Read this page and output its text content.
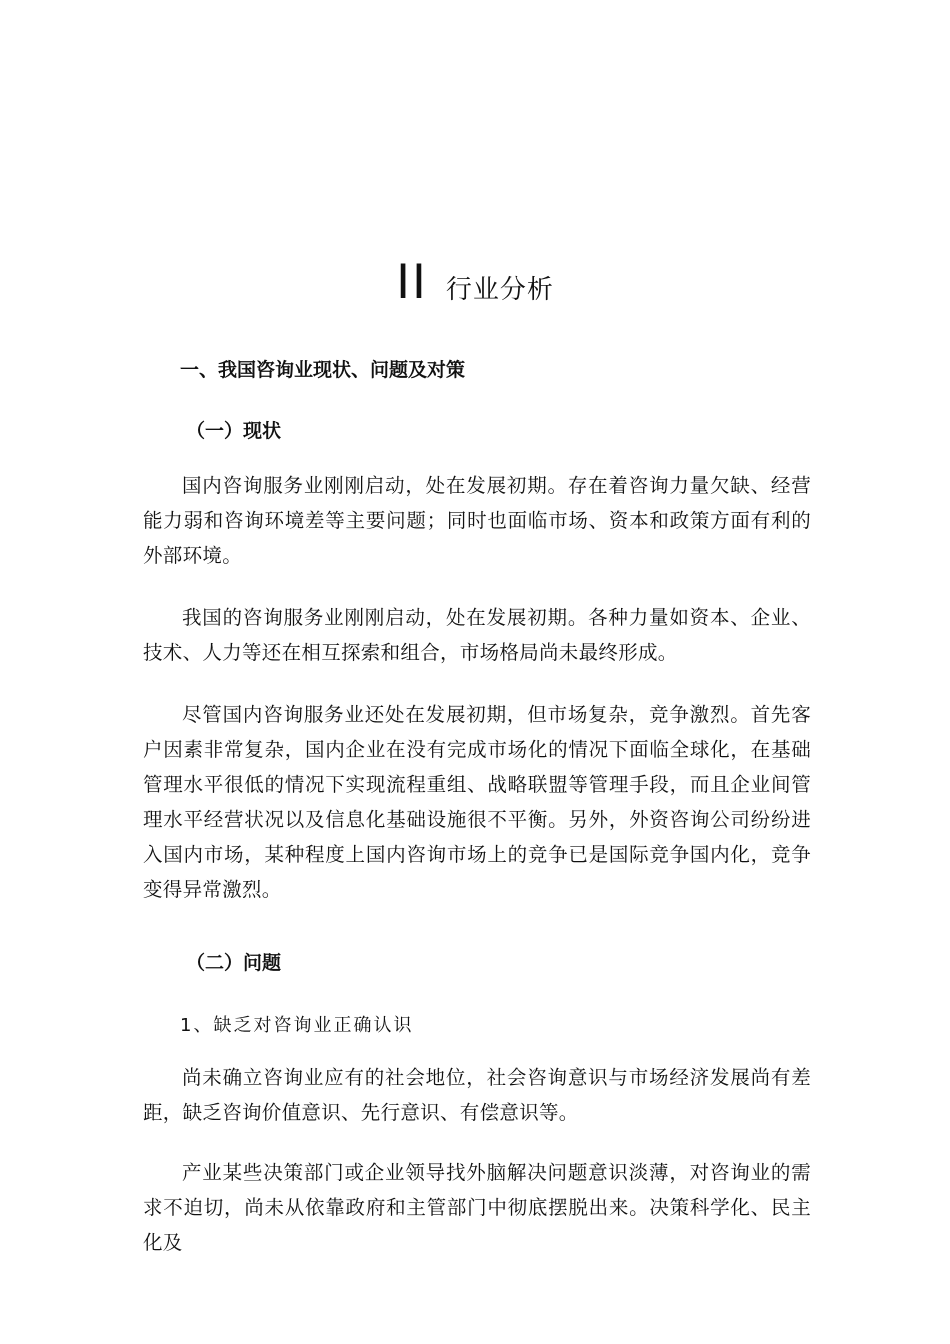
II 行业分析
一、我国咨询业现状、问题及对策
（一）现状

国内咨询服务业刚刚启动，处在发展初期。存在着咨询力量欠缺、经营能力弱和咨询环境差等主要问题；同时也面临市场、资本和政策方面有利的外部环境。

我国的咨询服务业刚刚启动，处在发展初期。各种力量如资本、企业、技术、人力等还在相互探索和组合，市场格局尚未最终形成。

尽管国内咨询服务业还处在发展初期，但市场复杂，竞争激烈。首先客户因素非常复杂，国内企业在没有完成市场化的情况下面临全球化，在基础管理水平很低的情况下实现流程重组、战略联盟等管理手段，而且企业间管理水平经营状况以及信息化基础设施很不平衡。另外，外资咨询公司纷纷进入国内市场，某种程度上国内咨询市场上的竞争已是国际竞争国内化，竞争变得异常激烈。

（二）问题
1、缺乏对咨询业正确认识

尚未确立咨询业应有的社会地位，社会咨询意识与市场经济发展尚有差距，缺乏咨询价值意识、先行意识、有偿意识等。

产业某些决策部门或企业领导找外脑解决问题意识淡薄，对咨询业的需求不迫切，尚未从依靠政府和主管部门中彻底摆脱出来。决策科学化、民主化及
